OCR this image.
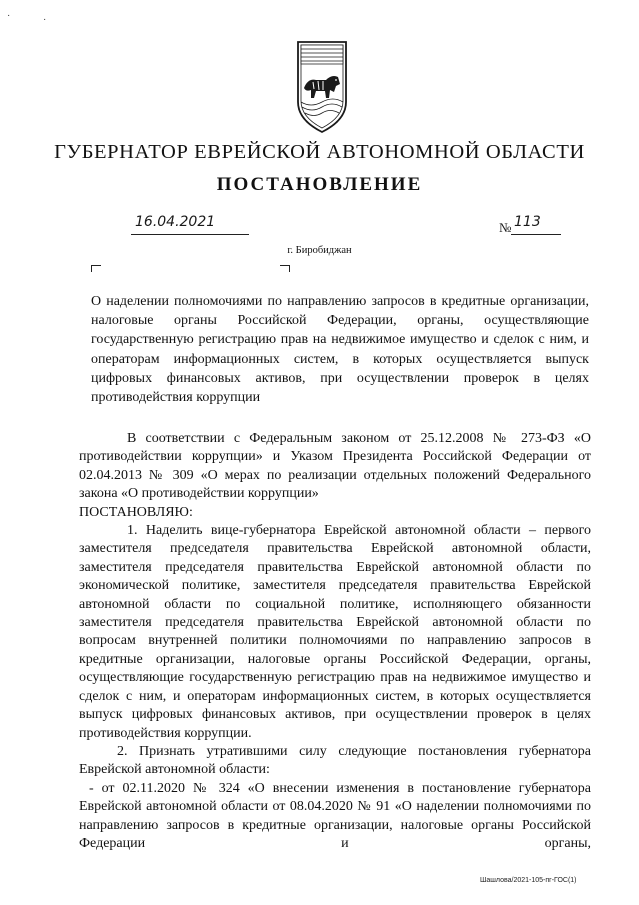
ГУБЕРНАТОР ЕВРЕЙСКОЙ АВТОНОМНОЙ ОБЛАСТИ
ПОСТАНОВЛЕНИЕ
16.04.2021	№ 113
г. Биробиджан
О наделении полномочиями по направлению запросов в кредитные организации, налоговые органы Российской Федерации, органы, осуществляющие государственную регистрацию прав на недвижимое имущество и сделок с ним, и операторам информационных систем, в которых осуществляется выпуск цифровых финансовых активов, при осуществлении проверок в целях противодействия коррупции

В соответствии с Федеральным законом от 25.12.2008 № 273-ФЗ «О противодействии коррупции» и Указом Президента Российской Федерации от 02.04.2013 № 309 «О мерах по реализации отдельных положений Федерального закона «О противодействии коррупции»

ПОСТАНОВЛЯЮ:

1. Наделить вице-губернатора Еврейской автономной области – первого заместителя председателя правительства Еврейской автономной области, заместителя председателя правительства Еврейской автономной области по экономической политике, заместителя председателя правительства Еврейской автономной области по социальной политике, исполняющего обязанности заместителя председателя правительства Еврейской автономной области по вопросам внутренней политики полномочиями по направлению запросов в кредитные организации, налоговые органы Российской Федерации, органы, осуществляющие государственную регистрацию прав на недвижимое имущество и сделок с ним, и операторам информационных систем, в которых осуществляется выпуск цифровых финансовых активов, при осуществлении проверок в целях противодействия коррупции.

2. Признать утратившими силу следующие постановления губернатора Еврейской автономной области:

- от 02.11.2020 № 324 «О внесении изменения в постановление губернатора Еврейской автономной области от 08.04.2020 № 91 «О наделении полномочиями по направлению запросов в кредитные организации, налоговые органы Российской Федерации и органы,

Шашлова/2021-105-пг-ГОС(1)
·	·
